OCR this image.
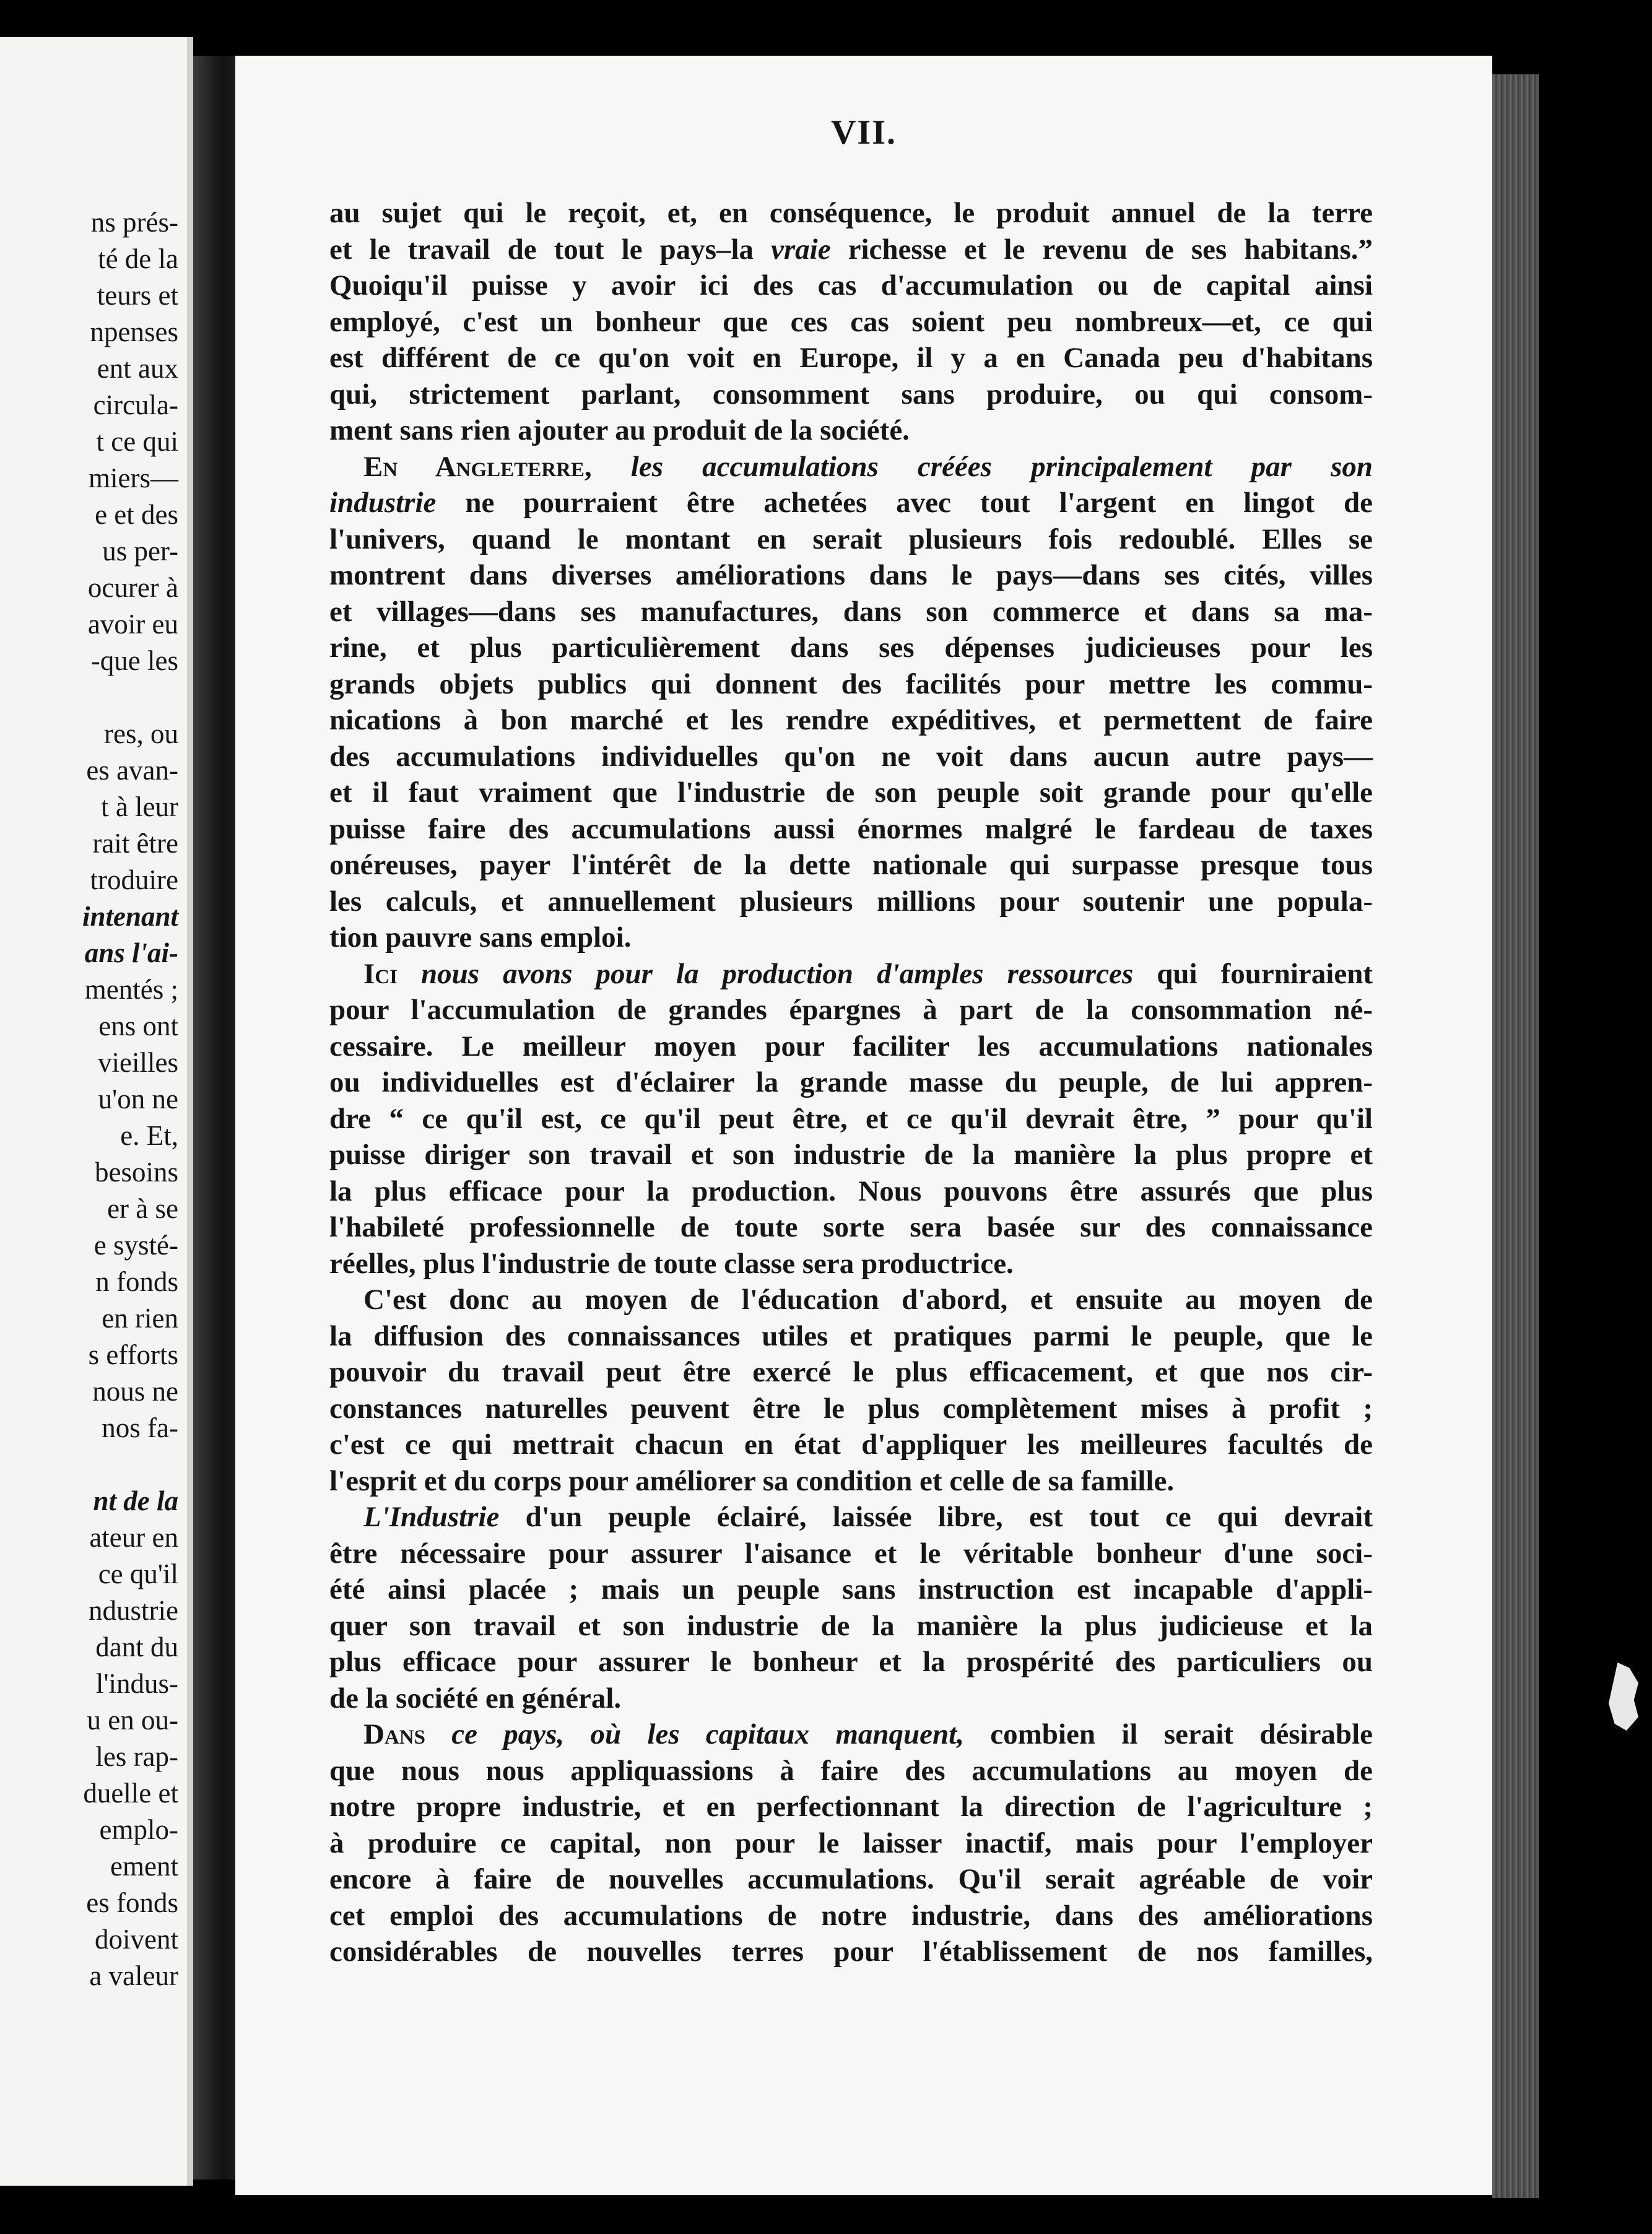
ns prés-
té de la
teurs et
npenses
ent aux
circula-
t ce qui
miers—
e et des
us per-
ocurer à
avoir eu
-que les
res, ou
es avan-
t à leur
rait être
troduire
intenant
ans l'ai-
mentés ;
ens ont
vieilles
u'on ne
e. Et,
besoins
er à se
e systé-
n fonds
en rien
s efforts
nous ne
nos fa-
nt de la
ateur en
ce qu'il
ndustrie
dant du
l'indus-
u en ou-
les rap-
duelle et
emplo-
ement
es fonds
doivent
a valeur
VII.
au sujet qui le reçoit, et, en conséquence, le produit annuel de la terre
et le travail de tout le pays–la vraie richesse et le revenu de ses habitans.”
Quoiqu'il puisse y avoir ici des cas d'accumulation ou de capital ainsi
employé, c'est un bonheur que ces cas soient peu nombreux—et, ce qui
est différent de ce qu'on voit en Europe, il y a en Canada peu d'habitans
qui, strictement parlant, consomment sans produire, ou qui consom-
ment sans rien ajouter au produit de la société.
En Angleterre, les accumulations créées principalement par son
industrie ne pourraient être achetées avec tout l'argent en lingot de
l'univers, quand le montant en serait plusieurs fois redoublé. Elles se
montrent dans diverses améliorations dans le pays—dans ses cités, villes
et villages—dans ses manufactures, dans son commerce et dans sa ma-
rine, et plus particulièrement dans ses dépenses judicieuses pour les
grands objets publics qui donnent des facilités pour mettre les commu-
nications à bon marché et les rendre expéditives, et permettent de faire
des accumulations individuelles qu'on ne voit dans aucun autre pays—
et il faut vraiment que l'industrie de son peuple soit grande pour qu'elle
puisse faire des accumulations aussi énormes malgré le fardeau de taxes
onéreuses, payer l'intérêt de la dette nationale qui surpasse presque tous
les calculs, et annuellement plusieurs millions pour soutenir une popula-
tion pauvre sans emploi.
Ici nous avons pour la production d'amples ressources qui fourniraient
pour l'accumulation de grandes épargnes à part de la consommation né-
cessaire. Le meilleur moyen pour faciliter les accumulations nationales
ou individuelles est d'éclairer la grande masse du peuple, de lui appren-
dre “ ce qu'il est, ce qu'il peut être, et ce qu'il devrait être, ” pour qu'il
puisse diriger son travail et son industrie de la manière la plus propre et
la plus efficace pour la production. Nous pouvons être assurés que plus
l'habileté professionnelle de toute sorte sera basée sur des connaissance
réelles, plus l'industrie de toute classe sera productrice.
C'est donc au moyen de l'éducation d'abord, et ensuite au moyen de
la diffusion des connaissances utiles et pratiques parmi le peuple, que le
pouvoir du travail peut être exercé le plus efficacement, et que nos cir-
constances naturelles peuvent être le plus complètement mises à profit ;
c'est ce qui mettrait chacun en état d'appliquer les meilleures facultés de
l'esprit et du corps pour améliorer sa condition et celle de sa famille.
L'Industrie d'un peuple éclairé, laissée libre, est tout ce qui devrait
être nécessaire pour assurer l'aisance et le véritable bonheur d'une soci-
été ainsi placée ; mais un peuple sans instruction est incapable d'appli-
quer son travail et son industrie de la manière la plus judicieuse et la
plus efficace pour assurer le bonheur et la prospérité des particuliers ou
de la société en général.
Dans ce pays, où les capitaux manquent, combien il serait désirable
que nous nous appliquassions à faire des accumulations au moyen de
notre propre industrie, et en perfectionnant la direction de l'agriculture ;
à produire ce capital, non pour le laisser inactif, mais pour l'employer
encore à faire de nouvelles accumulations. Qu'il serait agréable de voir
cet emploi des accumulations de notre industrie, dans des améliorations
considérables de nouvelles terres pour l'établissement de nos familles,
